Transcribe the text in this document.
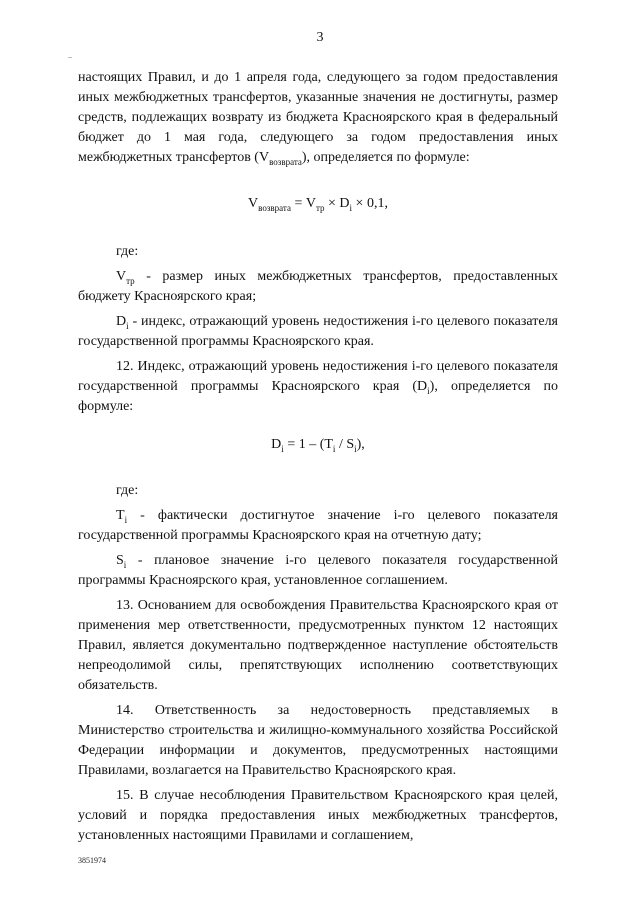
3
–

настоящих Правил, и до 1 апреля года, следующего за годом предоставления иных межбюджетных трансфертов, указанные значения не достигнуты, размер средств, подлежащих возврату из бюджета Красноярского края в федеральный бюджет до 1 мая года, следующего за годом предоставления иных межбюджетных трансфертов $(V_{возврата})$, определяется по формуле:

$V_{возврата} = V_{тр} \times D_i \times 0,1$,

где:

$V_{тр}$ - размер иных межбюджетных трансфертов, предоставленных бюджету Красноярского края;

$D_i$ - индекс, отражающий уровень недостижения i-го целевого показателя государственной программы Красноярского края.

12. Индекс, отражающий уровень недостижения i-го целевого показателя государственной программы Красноярского края $(D_i)$, определяется по формуле:

$D_i = 1 - (T_i / S_i)$,

где:

$T_i$ - фактически достигнутое значение i-го целевого показателя государственной программы Красноярского края на отчетную дату;

$S_i$ - плановое значение i-го целевого показателя государственной программы Красноярского края, установленное соглашением.

13. Основанием для освобождения Правительства Красноярского края от применения мер ответственности, предусмотренных пунктом 12 настоящих Правил, является документально подтвержденное наступление обстоятельств непреодолимой силы, препятствующих исполнению соответствующих обязательств.

14. Ответственность за недостоверность представляемых в Министерство строительства и жилищно-коммунального хозяйства Российской Федерации информации и документов, предусмотренных настоящими Правилами, возлагается на Правительство Красноярского края.

15. В случае несоблюдения Правительством Красноярского края целей, условий и порядка предоставления иных межбюджетных трансфертов, установленных настоящими Правилами и соглашением,

3851974
